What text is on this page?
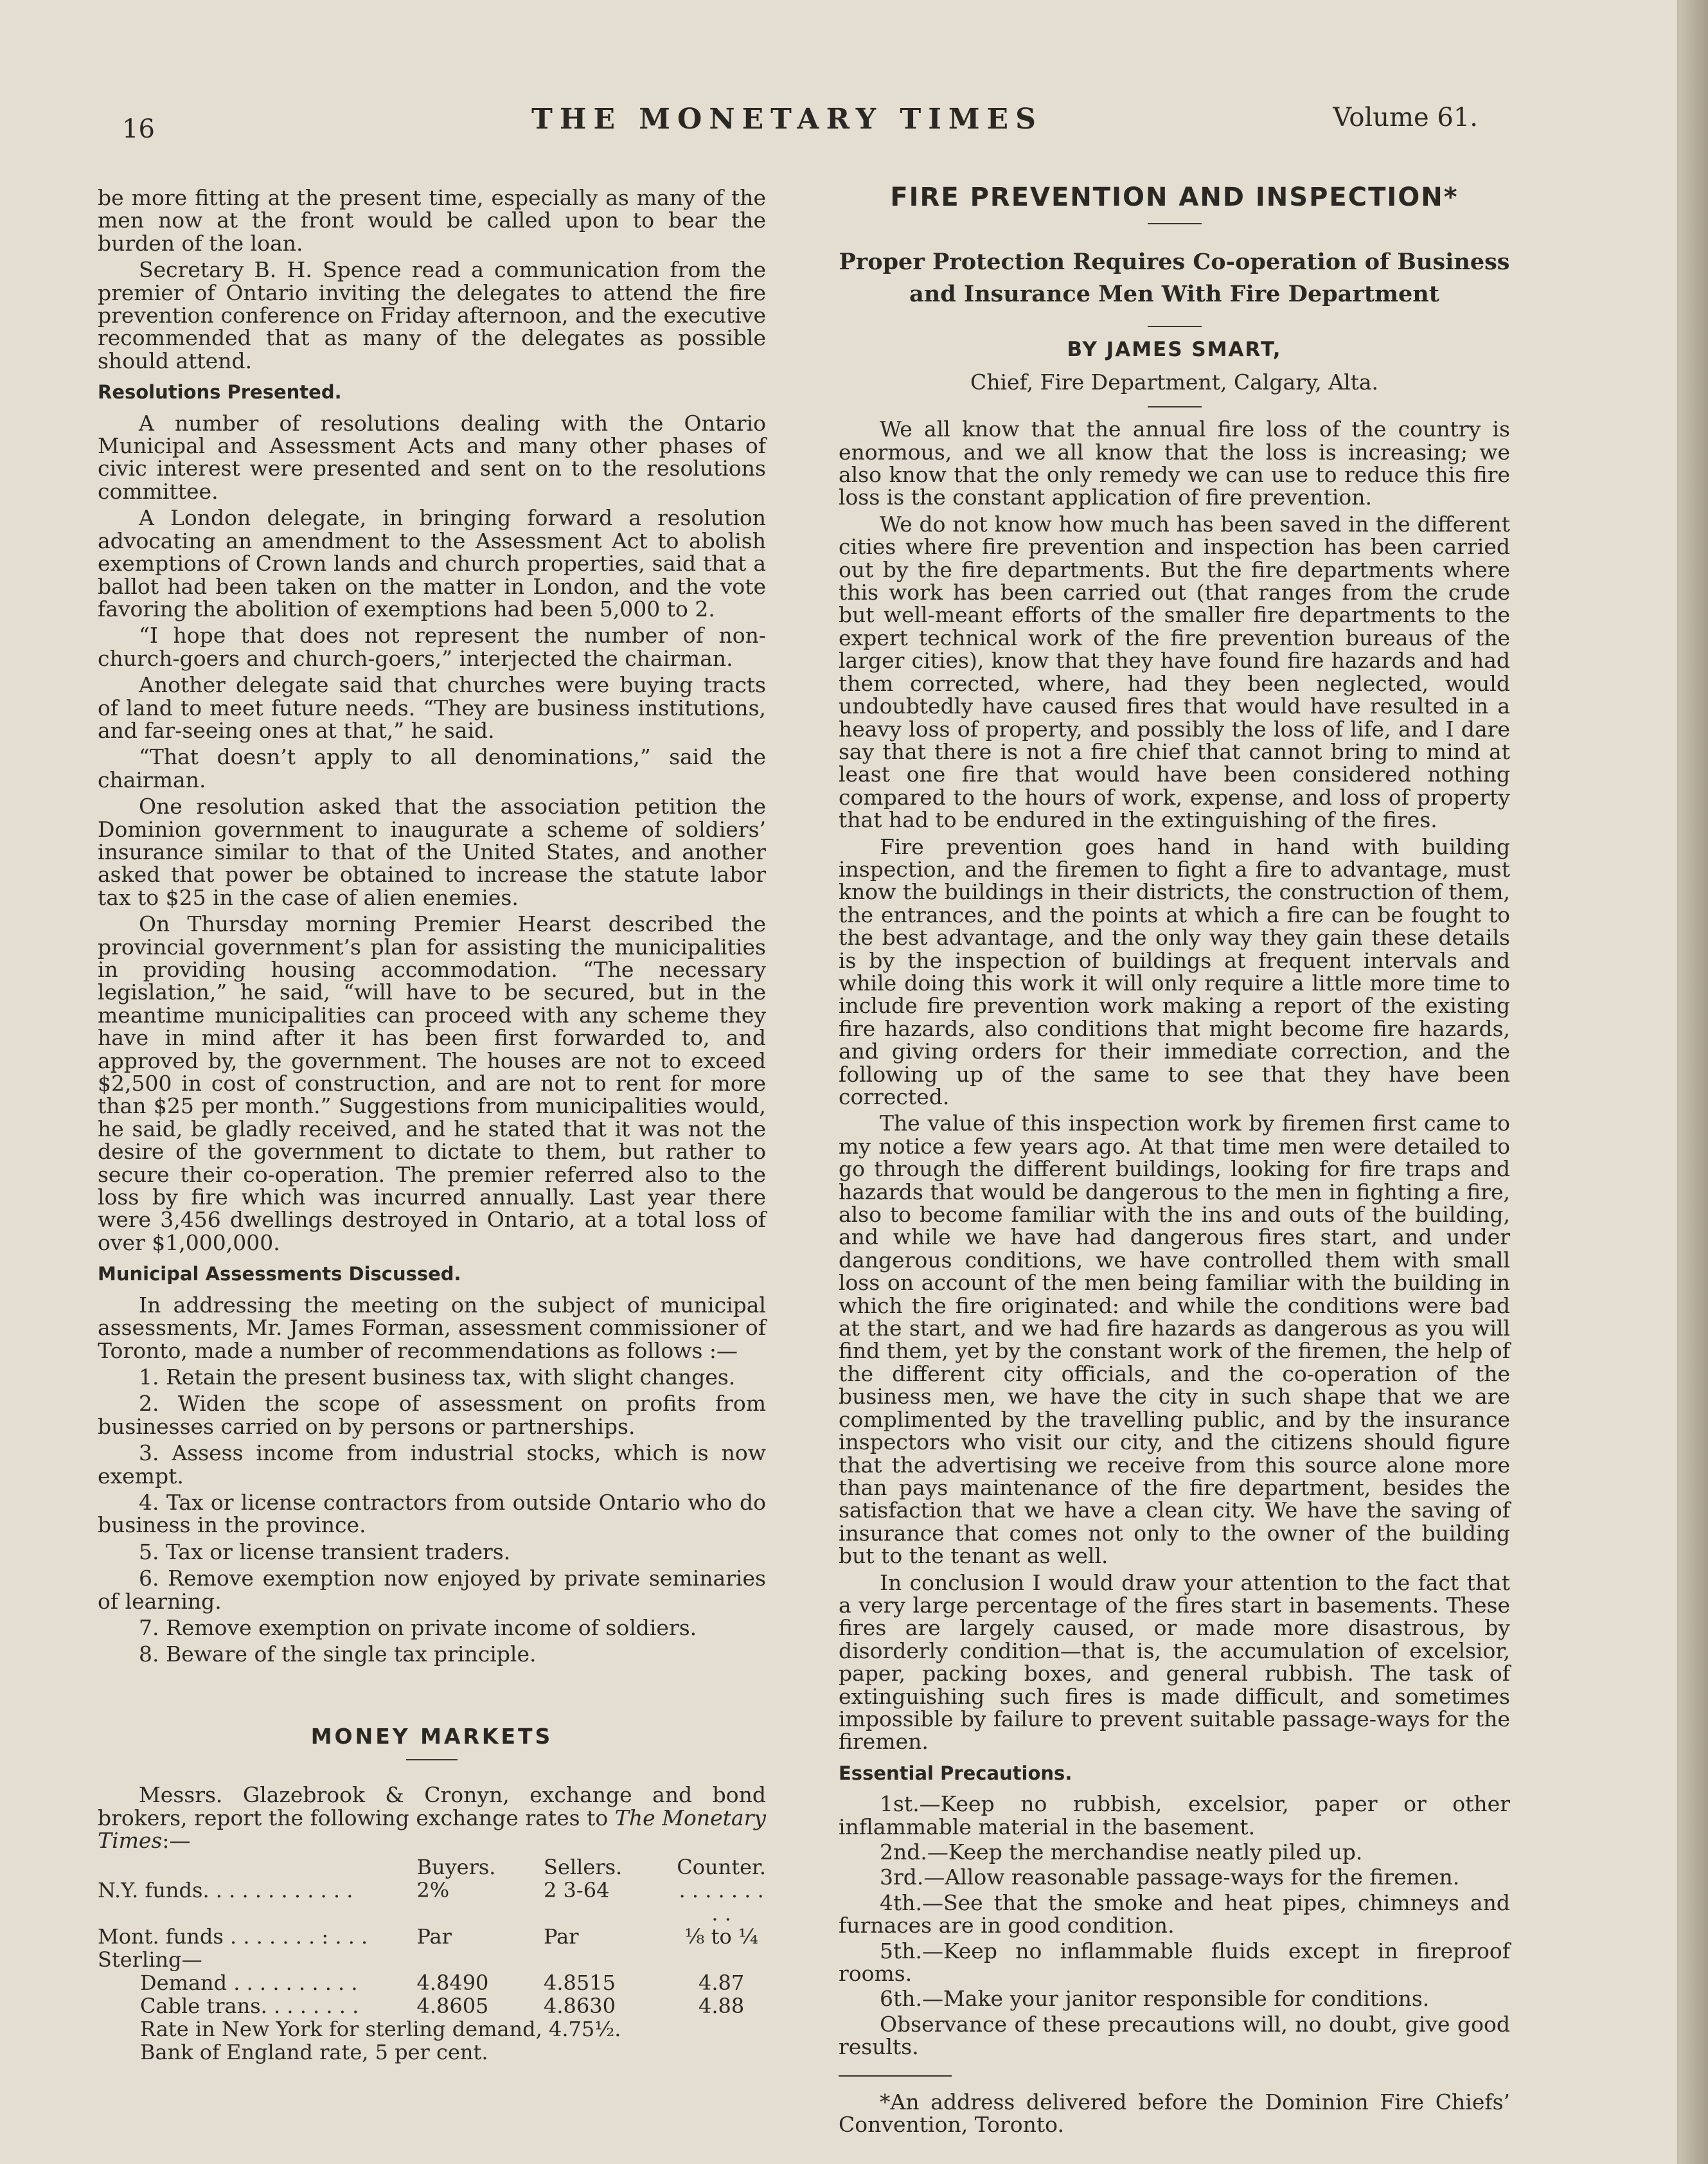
16	THE MONETARY TIMES	Volume 61.

be more fitting at the present time, especially as many of the men now at the front would be called upon to bear the burden of the loan.

Secretary B. H. Spence read a communication from the premier of Ontario inviting the delegates to attend the fire prevention conference on Friday afternoon, and the executive recommended that as many of the delegates as possible should attend.

Resolutions Presented.

A number of resolutions dealing with the Ontario Municipal and Assessment Acts and many other phases of civic interest were presented and sent on to the resolutions committee.

A London delegate, in bringing forward a resolution advocating an amendment to the Assessment Act to abolish exemptions of Crown lands and church properties, said that a ballot had been taken on the matter in London, and the vote favoring the abolition of exemptions had been 5,000 to 2.

“I hope that does not represent the number of non-church-goers and church-goers,” interjected the chairman.

Another delegate said that churches were buying tracts of land to meet future needs. “They are business institutions, and far-seeing ones at that,” he said.

“That doesn’t apply to all denominations,” said the chairman.

One resolution asked that the association petition the Dominion government to inaugurate a scheme of soldiers’ insurance similar to that of the United States, and another asked that power be obtained to increase the statute labor tax to $25 in the case of alien enemies.

On Thursday morning Premier Hearst described the provincial government’s plan for assisting the municipalities in providing housing accommodation. “The necessary legislation,” he said, “will have to be secured, but in the meantime municipalities can proceed with any scheme they have in mind after it has been first forwarded to, and approved by, the government. The houses are not to exceed $2,500 in cost of construction, and are not to rent for more than $25 per month.” Suggestions from municipalities would, he said, be gladly received, and he stated that it was not the desire of the government to dictate to them, but rather to secure their co-operation. The premier referred also to the loss by fire which was incurred annually. Last year there were 3,456 dwellings destroyed in Ontario, at a total loss of over $1,000,000.

Municipal Assessments Discussed.

In addressing the meeting on the subject of municipal assessments, Mr. James Forman, assessment commissioner of Toronto, made a number of recommendations as follows :—

1. Retain the present business tax, with slight changes.
2. Widen the scope of assessment on profits from businesses carried on by persons or partnerships.
3. Assess income from industrial stocks, which is now exempt.
4. Tax or license contractors from outside Ontario who do business in the province.
5. Tax or license transient traders.
6. Remove exemption now enjoyed by private seminaries of learning.
7. Remove exemption on private income of soldiers.
8. Beware of the single tax principle.
MONEY MARKETS

Messrs. Glazebrook & Cronyn, exchange and bond brokers, report the following exchange rates to The Monetary Times:—

	Buyers.	Sellers.	Counter.
N.Y. funds. . . . . . . . . . . .	2%	2 3-64	. . . . . . . . .
Mont. funds . . . . . . . : . . .	Par	Par	⅛ to ¼
Sterling—			
Demand . . . . . . . . . .	4.8490	4.8515	4.87
Cable trans. . . . . . . .	4.8605	4.8630	4.88
Rate in New York for sterling demand, 4.75½.
Bank of England rate, 5 per cent.
FIRE PREVENTION AND INSPECTION*
Proper Protection Requires Co-operation of Business and Insurance Men With Fire Department
BY JAMES SMART,
Chief, Fire Department, Calgary, Alta.

We all know that the annual fire loss of the country is enormous, and we all know that the loss is increasing; we also know that the only remedy we can use to reduce this fire loss is the constant application of fire prevention.

We do not know how much has been saved in the different cities where fire prevention and inspection has been carried out by the fire departments. But the fire departments where this work has been carried out (that ranges from the crude but well-meant efforts of the smaller fire departments to the expert technical work of the fire prevention bureaus of the larger cities), know that they have found fire hazards and had them corrected, where, had they been neglected, would undoubtedly have caused fires that would have resulted in a heavy loss of property, and possibly the loss of life, and I dare say that there is not a fire chief that cannot bring to mind at least one fire that would have been considered nothing compared to the hours of work, expense, and loss of property that had to be endured in the extinguishing of the fires.

Fire prevention goes hand in hand with building inspection, and the firemen to fight a fire to advantage, must know the buildings in their districts, the construction of them, the entrances, and the points at which a fire can be fought to the best advantage, and the only way they gain these details is by the inspection of buildings at frequent intervals and while doing this work it will only require a little more time to include fire prevention work making a report of the existing fire hazards, also conditions that might become fire hazards, and giving orders for their immediate correction, and the following up of the same to see that they have been corrected.

The value of this inspection work by firemen first came to my notice a few years ago. At that time men were detailed to go through the different buildings, looking for fire traps and hazards that would be dangerous to the men in fighting a fire, also to become familiar with the ins and outs of the building, and while we have had dangerous fires start, and under dangerous conditions, we have controlled them with small loss on account of the men being familiar with the building in which the fire originated: and while the conditions were bad at the start, and we had fire hazards as dangerous as you will find them, yet by the constant work of the firemen, the help of the different city officials, and the co-operation of the business men, we have the city in such shape that we are complimented by the travelling public, and by the insurance inspectors who visit our city, and the citizens should figure that the advertising we receive from this source alone more than pays maintenance of the fire department, besides the satisfaction that we have a clean city. We have the saving of insurance that comes not only to the owner of the building but to the tenant as well.

In conclusion I would draw your attention to the fact that a very large percentage of the fires start in basements. These fires are largely caused, or made more disastrous, by disorderly condition—that is, the accumulation of excelsior, paper, packing boxes, and general rubbish. The task of extinguishing such fires is made difficult, and sometimes impossible by failure to prevent suitable passage-ways for the firemen.

Essential Precautions.

1st.—Keep no rubbish, excelsior, paper or other inflammable material in the basement.

2nd.—Keep the merchandise neatly piled up.

3rd.—Allow reasonable passage-ways for the firemen.

4th.—See that the smoke and heat pipes, chimneys and furnaces are in good condition.

5th.—Keep no inflammable fluids except in fireproof rooms.

6th.—Make your janitor responsible for conditions.

Observance of these precautions will, no doubt, give good results.

*An address delivered before the Dominion Fire Chiefs’ Convention, Toronto.
